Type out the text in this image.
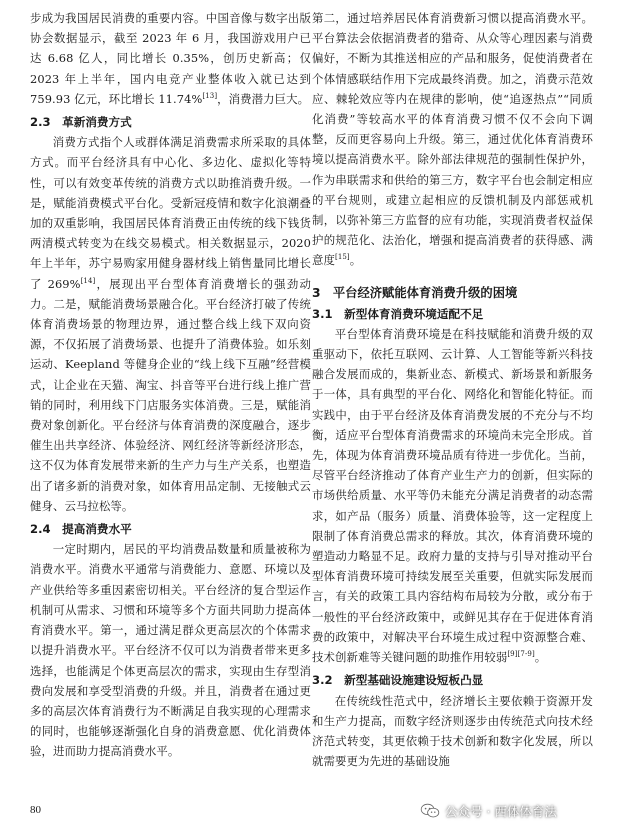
步成为我国居民消费的重要内容。中国音像与数字出版协会数据显示，截至 2023 年 6 月，我国游戏用户已达 6.68 亿人，同比增长 0.35%，创历史新高；仅 2023 年上半年，国内电竞产业整体收入就已达到 759.93 亿元，环比增长 11.74%[13]，消费潜力巨大。

2.3　革新消费方式

消费方式指个人或群体满足消费需求所采取的具体方式。而平台经济具有中心化、多边化、虚拟化等特性，可以有效变革传统的消费方式以助推消费升级。一是，赋能消费模式平台化。受新冠疫情和数字化浪潮叠加的双重影响，我国居民体育消费正由传统的线下钱货两清模式转变为在线交易模式。相关数据显示，2020 年上半年，苏宁易购家用健身器材线上销售量同比增长了 269%[14]，展现出平台型体育消费增长的强劲动力。二是，赋能消费场景融合化。平台经济打破了传统体育消费场景的物理边界，通过整合线上线下双向资源，不仅拓展了消费场景、也提升了消费体验。如乐刻运动、Keepland 等健身企业的“线上线下互融”经营模式，让企业在天猫、淘宝、抖音等平台进行线上推广营销的同时，利用线下门店服务实体消费。三是，赋能消费对象创新化。平台经济与体育消费的深度融合，逐步催生出共享经济、体验经济、网红经济等新经济形态，这不仅为体育发展带来新的生产力与生产关系，也塑造出了诸多新的消费对象，如体育用品定制、无接触式云健身、云马拉松等。

2.4　提高消费水平

一定时期内，居民的平均消费品数量和质量被称为消费水平。消费水平通常与消费能力、意愿、环境以及产业供给等多重因素密切相关。平台经济的复合型运作机制可从需求、习惯和环境等多个方面共同助力提高体育消费水平。第一，通过满足群众更高层次的个体需求以提升消费水平。平台经济不仅可以为消费者带来更多选择，也能满足个体更高层次的需求，实现由生存型消费向发展和享受型消费的升级。并且，消费者在通过更多的高层次体育消费行为不断满足自我实现的心理需求的同时，也能够逐渐强化自身的消费意愿、优化消费体验，进而助力提高消费水平。

第二，通过培养居民体育消费新习惯以提高消费水平。平台算法会依据消费者的猎奇、从众等心理因素与消费偏好，不断为其推送相应的产品和服务，促使消费者在个体情感联结作用下完成最终消费。加之，消费示范效应、棘轮效应等内在规律的影响，使“追逐热点”“同质化消费”等较高水平的体育消费习惯不仅不会向下调整，反而更容易向上升级。第三，通过优化体育消费环境以提高消费水平。除外部法律规范的强制性保护外，作为串联需求和供给的第三方，数字平台也会制定相应的平台规则，或建立起相应的反馈机制及内部惩戒机制，以弥补第三方监督的应有功能，实现消费者权益保护的规范化、法治化，增强和提高消费者的获得感、满意度[15]。

3　平台经济赋能体育消费升级的困境

3.1　新型体育消费环境适配不足

平台型体育消费环境是在科技赋能和消费升级的双重驱动下，依托互联网、云计算、人工智能等新兴科技融合发展而成的，集新业态、新模式、新场景和新服务于一体，具有典型的平台化、网络化和智能化特征。而实践中，由于平台经济及体育消费发展的不充分与不均衡，适应平台型体育消费需求的环境尚未完全形成。首先，体现为体育消费环境品质有待进一步优化。当前，尽管平台经济推动了体育产业生产力的创新，但实际的市场供给质量、水平等仍未能充分满足消费者的动态需求，如产品（服务）质量、消费体验等，这一定程度上限制了体育消费总需求的释放。其次，体育消费环境的塑造动力略显不足。政府力量的支持与引导对推动平台型体育消费环境可持续发展至关重要，但就实际发展而言，有关的政策工具内容结构布局较为分散，或分布于一般性的平台经济政策中，或鲜见其存在于促进体育消费的政策中，对解决平台环境生成过程中资源整合难、技术创新难等关键问题的助推作用较弱[9][7-9]。

3.2　新型基础设施建设短板凸显

在传统线性范式中，经济增长主要依赖于资源开发和生产力提高，而数字经济则逐步由传统范式向技术经济范式转变，其更依赖于技术创新和数字化发展，所以就需要更为先进的基础设施

80	公众号 · 西体体育法
